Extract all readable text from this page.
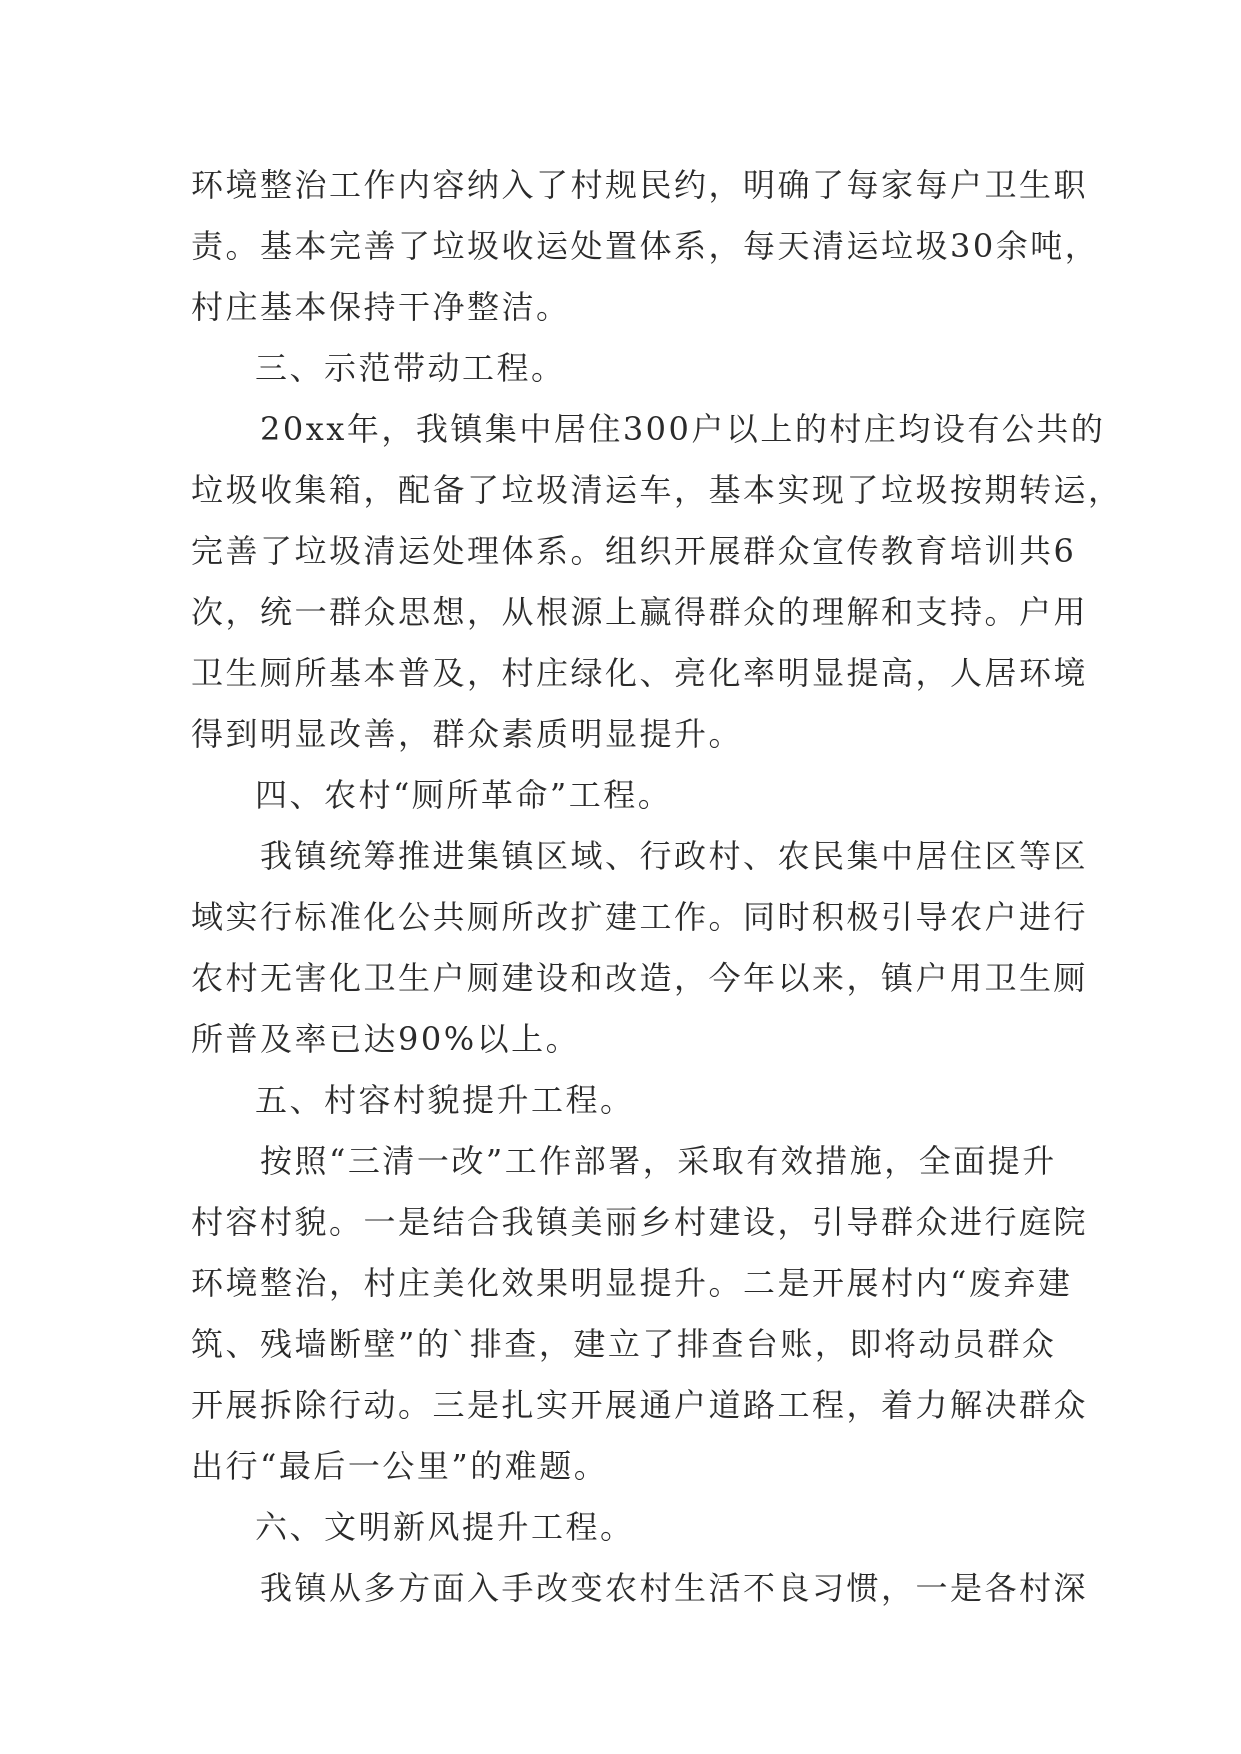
环境整治工作内容纳入了村规民约，明确了每家每户卫生职
责。基本完善了垃圾收运处置体系，每天清运垃圾30余吨，
村庄基本保持干净整洁。
三、示范带动工程。
　　20xx年，我镇集中居住300户以上的村庄均设有公共的
垃圾收集箱，配备了垃圾清运车，基本实现了垃圾按期转运，
完善了垃圾清运处理体系。组织开展群众宣传教育培训共6
次，统一群众思想，从根源上赢得群众的理解和支持。户用
卫生厕所基本普及，村庄绿化、亮化率明显提高，人居环境
得到明显改善，群众素质明显提升。
四、农村“厕所革命”工程。
　　我镇统筹推进集镇区域、行政村、农民集中居住区等区
域实行标准化公共厕所改扩建工作。同时积极引导农户进行
农村无害化卫生户厕建设和改造，今年以来，镇户用卫生厕
所普及率已达90%以上。
五、村容村貌提升工程。
　　按照“三清一改”工作部署，采取有效措施，全面提升
村容村貌。一是结合我镇美丽乡村建设，引导群众进行庭院
环境整治，村庄美化效果明显提升。二是开展村内“废弃建
筑、残墙断壁”的`排查，建立了排查台账，即将动员群众
开展拆除行动。三是扎实开展通户道路工程，着力解决群众
出行“最后一公里”的难题。
六、文明新风提升工程。
　　我镇从多方面入手改变农村生活不良习惯，一是各村深
